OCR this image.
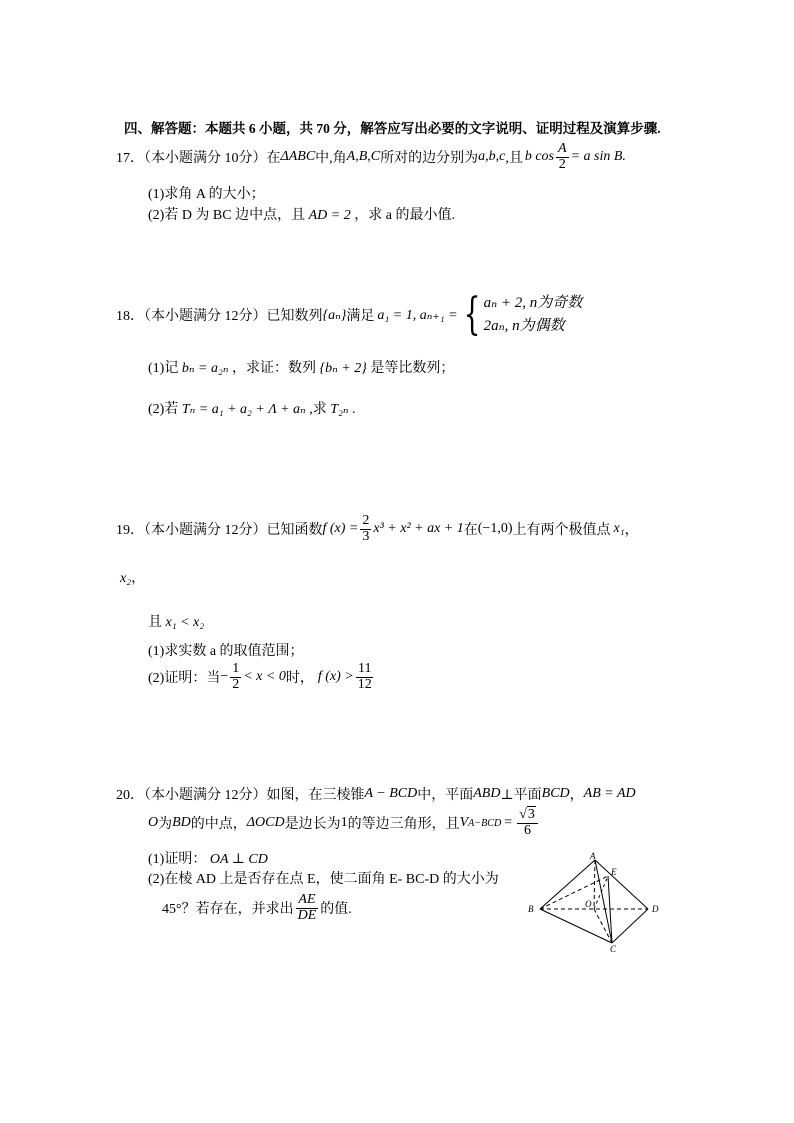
四、解答题：本题共 6 小题，共 70 分，解答应写出必要的文字说明、证明过程及演算步骤.
17．（本小题满分 10分）在 ΔABC 中,角 A,B,C 所对的边分别为 a,b,c ,且 b $\cos \frac{A}{2} = a$ sin B.
(1)求角 A 的大小；
(2)若 D 为 BC 边中点，且 AD = 2 ，求 a 的最小值.
18．（本小题满分 12分）已知数列 {aₙ} 满足 a₁ = 1, aₙ₊₁ = { aₙ + 2, n为奇数
2aₙ, n为偶数
(1)记 bₙ = a₂ₙ ，求证：数列 {bₙ + 2} 是等比数列；
(2)若 Tₙ = a₁ + a₂ + Λ + aₙ ,求 T₂ₙ .
19．（本小题满分 12分）已知函数 f $(x) = \frac{2}{3} x^3 + x^2$ + ax + 1 在 (−1,0) 上有两个极值点 x₁ ，
x₂，
且 x₁ < x₂
(1)求实数 a 的取值范围；
(2)证明：当 − $\frac{1}{2} < x < 0$ 时， f $(x) > \frac{11}{12}$
20．（本小题满分 12分）如图，在三棱锥 A − BCD 中，平面 ABD ⊥平面 BCD ， AB = AD
O 为 BD 的中点， ΔOCD 是边长为 1 的等边三角形，且 V $A-BCD = \frac{√3}{6}$
(1)证明： OA ⊥ CD
(2)在棱 AD 上是否存在点 E，使二面角 E- BC-D 的大小为
45°？若存在，并求出 $\frac{AE}{DE}$ 的值.
A
B
C
D
E
O
